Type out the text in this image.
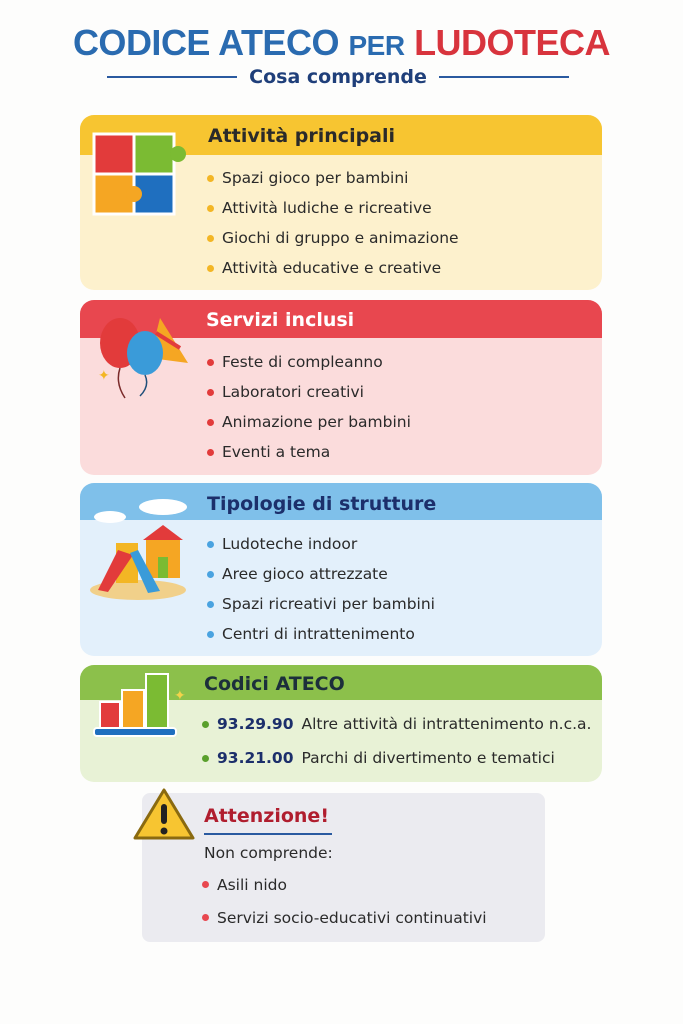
CODICE ATECO PER LUDOTECA
Cosa comprende
Attività principali
Spazi gioco per bambini
Attività ludiche e ricreative
Giochi di gruppo e animazione
Attività educative e creative
Servizi inclusi
Feste di compleanno
Laboratori creativi
Animazione per bambini
Eventi a tema
✦
Tipologie di strutture
Ludoteche indoor
Aree gioco attrezzate
Spazi ricreativi per bambini
Centri di intrattenimento
Codici ATECO
93.29.90 Altre attività di intrattenimento n.c.a.
93.21.00 Parchi di divertimento e tematici
✦
Attenzione!
Non comprende:
Asili nido
Servizi socio-educativi continuativi
